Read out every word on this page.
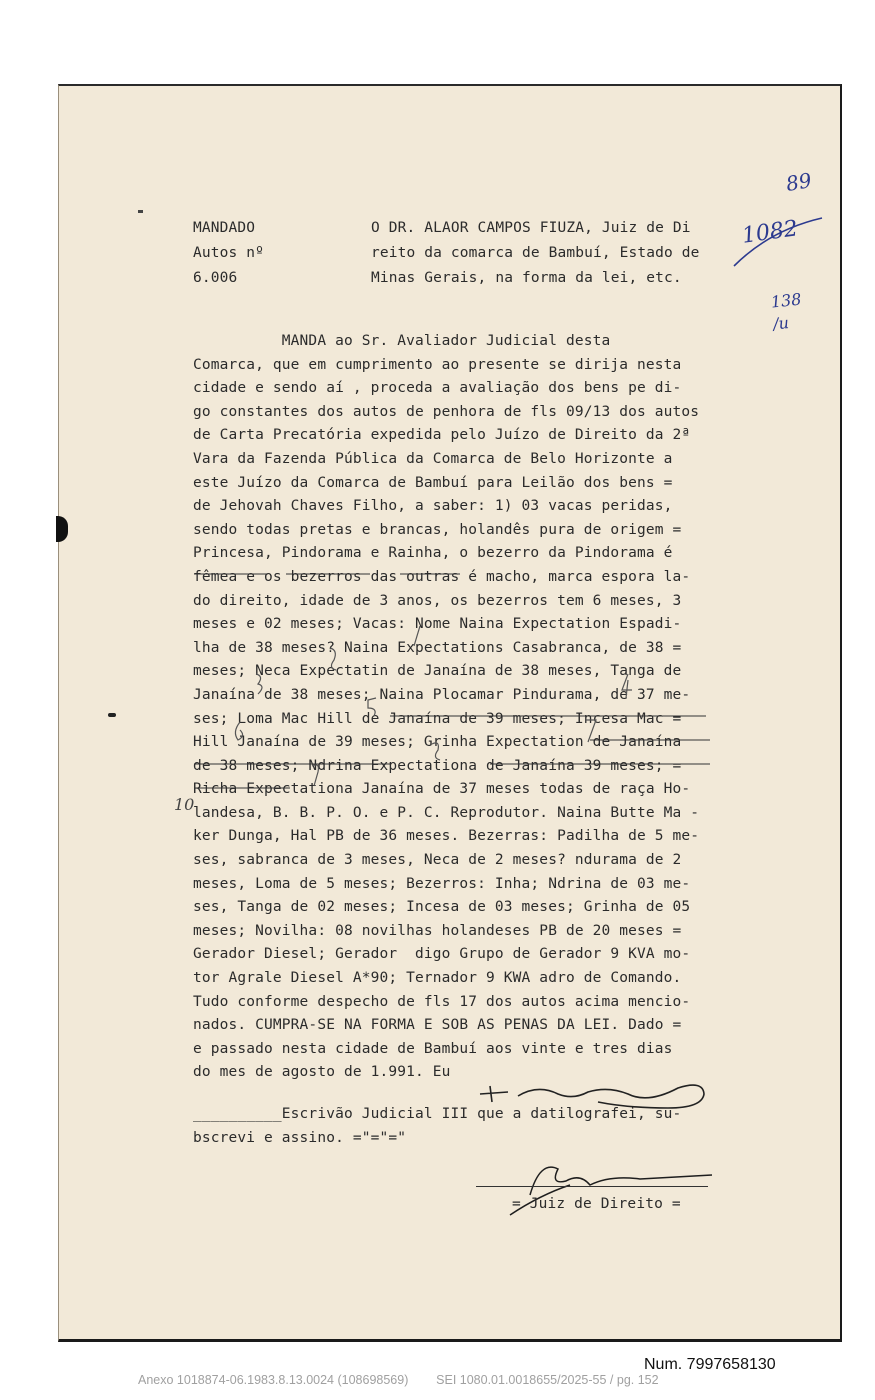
MANDADO
Autos nº
6.006
O DR. ALAOR CAMPOS FIUZA, Juiz de Di
reito da comarca de Bambuí, Estado de
Minas Gerais, na forma da lei, etc.
MANDA ao Sr. Avaliador Judicial desta
Comarca, que em cumprimento ao presente se dirija nesta
cidade e sendo aí , proceda a avaliação dos bens pe di-
go constantes dos autos de penhora de fls 09/13 dos autos
de Carta Precatória expedida pelo Juízo de Direito da 2ª
Vara da Fazenda Pública da Comarca de Belo Horizonte a
este Juízo da Comarca de Bambuí para Leilão dos bens =
de Jehovah Chaves Filho, a saber: 1) 03 vacas peridas,
sendo todas pretas e brancas, holandês pura de origem =
Princesa, Pindorama e Rainha, o bezerro da Pindorama é
fêmea e os bezerros das outras é macho, marca espora la-
do direito, idade de 3 anos, os bezerros tem 6 meses, 3
meses e 02 meses; Vacas: Nome Naina Expectation Espadi-
lha de 38 meses? Naina Expectations Casabranca, de 38 =
meses; Neca Expectatin de Janaína de 38 meses, Tanga de
Janaína de 38 meses; Naina Plocamar Pindurama, de 37 me-
ses; Loma Mac Hill de Janaína de 39 meses; Incesa Mac =
Hill Janaína de 39 meses; Grinha Expectation de Janaína
de 38 meses; Ndrina Expectationa de Janaína 39 meses; =
Richa Expectationa Janaína de 37 meses todas de raça Ho-
landesa, B. B. P. O. e P. C. Reprodutor. Naina Butte Ma -
ker Dunga, Hal PB de 36 meses. Bezerras: Padilha de 5 me-
ses, sabranca de 3 meses, Neca de 2 meses? ndurama de 2
meses, Loma de 5 meses; Bezerros: Inha; Ndrina de 03 me-
ses, Tanga de 02 meses; Incesa de 03 meses; Grinha de 05
meses; Novilha: 08 novilhas holandeses PB de 20 meses =
Gerador Diesel; Gerador  digo Grupo de Gerador 9 KVA mo-
tor Agrale Diesel A*90; Ternador 9 KWA adro de Comando.
Tudo conforme despecho de fls 17 dos autos acima mencio-
nados. CUMPRA-SE NA FORMA E SOB AS PENAS DA LEI. Dado =
e passado nesta cidade de Bambuí aos vinte e tres dias
do mes de agosto de 1.991. Eu
__________Escrivão Judicial III que a datilografei, su-
bscrevi e assino. ="="="
= Juiz de Direito =
89
1082
138
/u
10
Num. 7997658130
Anexo 1018874-06.1983.8.13.0024 (108698569)        SEI 1080.01.0018655/2025-55 / pg. 152
